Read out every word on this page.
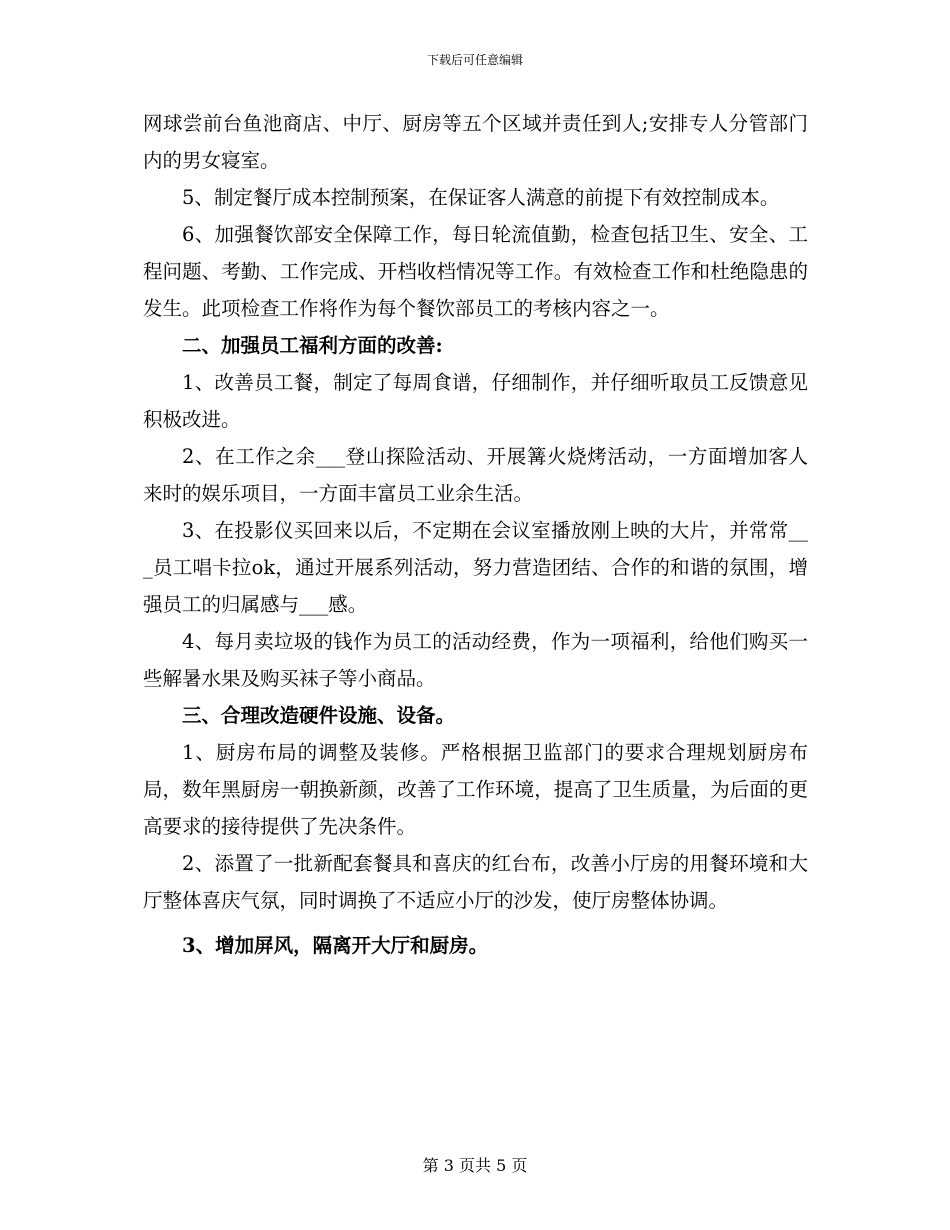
下载后可任意编辑

网球尝前台鱼池商店、中厅、厨房等五个区域并责任到人;安排专人分管部门内的男女寝室。

5、制定餐厅成本控制预案，在保证客人满意的前提下有效控制成本。

6、加强餐饮部安全保障工作，每日轮流值勤，检查包括卫生、安全、工程问题、考勤、工作完成、开档收档情况等工作。有效检查工作和杜绝隐患的发生。此项检查工作将作为每个餐饮部员工的考核内容之一。

二、加强员工福利方面的改善:

1、改善员工餐，制定了每周食谱，仔细制作，并仔细听取员工反馈意见积极改进。

2、在工作之余___登山探险活动、开展篝火烧烤活动，一方面增加客人来时的娱乐项目，一方面丰富员工业余生活。

3、在投影仪买回来以后，不定期在会议室播放刚上映的大片，并常常___员工唱卡拉ok，通过开展系列活动，努力营造团结、合作的和谐的氛围，增强员工的归属感与___感。

4、每月卖垃圾的钱作为员工的活动经费，作为一项福利，给他们购买一些解暑水果及购买袜子等小商品。

三、合理改造硬件设施、设备。

1、厨房布局的调整及装修。严格根据卫监部门的要求合理规划厨房布局，数年黑厨房一朝换新颜，改善了工作环境，提高了卫生质量，为后面的更高要求的接待提供了先决条件。

2、添置了一批新配套餐具和喜庆的红台布，改善小厅房的用餐环境和大厅整体喜庆气氛，同时调换了不适应小厅的沙发，使厅房整体协调。

3、增加屏风，隔离开大厅和厨房。

第 3 页共 5 页
